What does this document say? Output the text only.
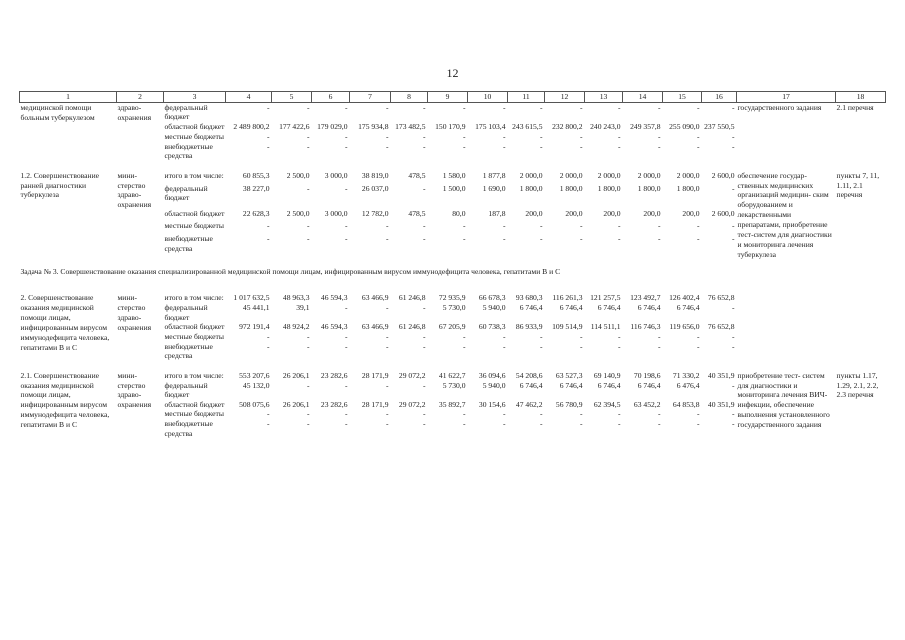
12
1	2	3	4	5	6	7	8	9	10	11	12	13	14	15	16	17	18
медицинской помощи больным туберкулезом	здраво- охранения	федеральный бюджет	-	-	-	-	-	-	-	-	-	-	-	-	-	государственного задания	2.1 перечня
		областной бюджет	2 489 800,2	177 422,6	179 029,0	175 934,8	173 482,5	150 170,9	175 103,4	243 615,5	232 800,2	240 243,0	249 357,8	255 090,0	237 550,5		
		местные бюджеты	-	-	-	-	-	-	-	-	-	-	-	-	-		
		внебюджетные средства	-	-	-	-	-	-	-	-	-	-	-	-	-		

1.2. Совершенствование ранней диагностики туберкулеза	мини- стерство здраво- охранения	итого в том числе:	60 855,3	2 500,0	3 000,0	38 819,0	478,5	1 580,0	1 877,8	2 000,0	2 000,0	2 000,0	2 000,0	2 000,0	2 600,0	обеспечение государ- ственных медицинских организаций медицин- ским оборудованием и лекарственными препаратами, приобретение тест-систем для диагностики и мониторинга лечения туберкулеза	пункты 7, 11, 1.11, 2.1 перечня
		федеральный бюджет	38 227,0	-	-	26 037,0	-	1 500,0	1 690,0	1 800,0	1 800,0	1 800,0	1 800,0	1 800,0	-		
		областной бюджет	22 628,3	2 500,0	3 000,0	12 782,0	478,5	80,0	187,8	200,0	200,0	200,0	200,0	200,0	2 600,0		
		местные бюджеты	-	-	-	-	-	-	-	-	-	-	-	-	-		
		внебюджетные средства	-	-	-	-	-	-	-	-	-	-	-	-	-		
Задача № 3. Совершенствование оказания специализированной медицинской помощи лицам, инфицированным вирусом иммунодефицита человека, гепатитами В и С																	

2. Совершенствование оказания медицинской помощи лицам, инфицированным вирусом иммунодефицита человека, гепатитами В и С	мини- стерство здраво- охранения	итого в том числе:	1 017 632,5	48 963,3	46 594,3	63 466,9	61 246,8	72 935,9	66 678,3	93 680,3	116 261,3	121 257,5	123 492,7	126 402,4	76 652,8		
		федеральный бюджет	45 441,1	39,1	-	-	-	5 730,0	5 940,0	6 746,4	6 746,4	6 746,4	6 746,4	6 746,4	-		
		областной бюджет	972 191,4	48 924,2	46 594,3	63 466,9	61 246,8	67 205,9	60 738,3	86 933,9	109 514,9	114 511,1	116 746,3	119 656,0	76 652,8		
		местные бюджеты	-	-	-	-	-	-	-	-	-	-	-	-	-		
		внебюджетные средства	-	-	-	-	-	-	-	-	-	-	-	-	-		

2.1. Совершенствование оказания медицинской помощи лицам, инфицированным вирусом иммунодефицита человека, гепатитами В и С	мини- стерство здраво- охранения	итого в том числе:	553 207,6	26 206,1	23 282,6	28 171,9	29 072,2	41 622,7	36 094,6	54 208,6	63 527,3	69 140,9	70 198,6	71 330,2	40 351,9	приобретение тест- систем для диагностики и мониторинга лечения ВИЧ-инфекции, обеспечение выполнения установленного государственного задания	пункты 1.17, 1.29, 2.1, 2.2, 2.3 перечня
		федеральный бюджет	45 132,0	-	-	-	-	5 730,0	5 940,0	6 746,4	6 746,4	6 746,4	6 746,4	6 476,4	-		
		областной бюджет	508 075,6	26 206,1	23 282,6	28 171,9	29 072,2	35 892,7	30 154,6	47 462,2	56 780,9	62 394,5	63 452,2	64 853,8	40 351,9		
		местные бюджеты	-	-	-	-	-	-	-	-	-	-	-	-	-		
		внебюджетные средства	-	-	-	-	-	-	-	-	-	-	-	-	-		
